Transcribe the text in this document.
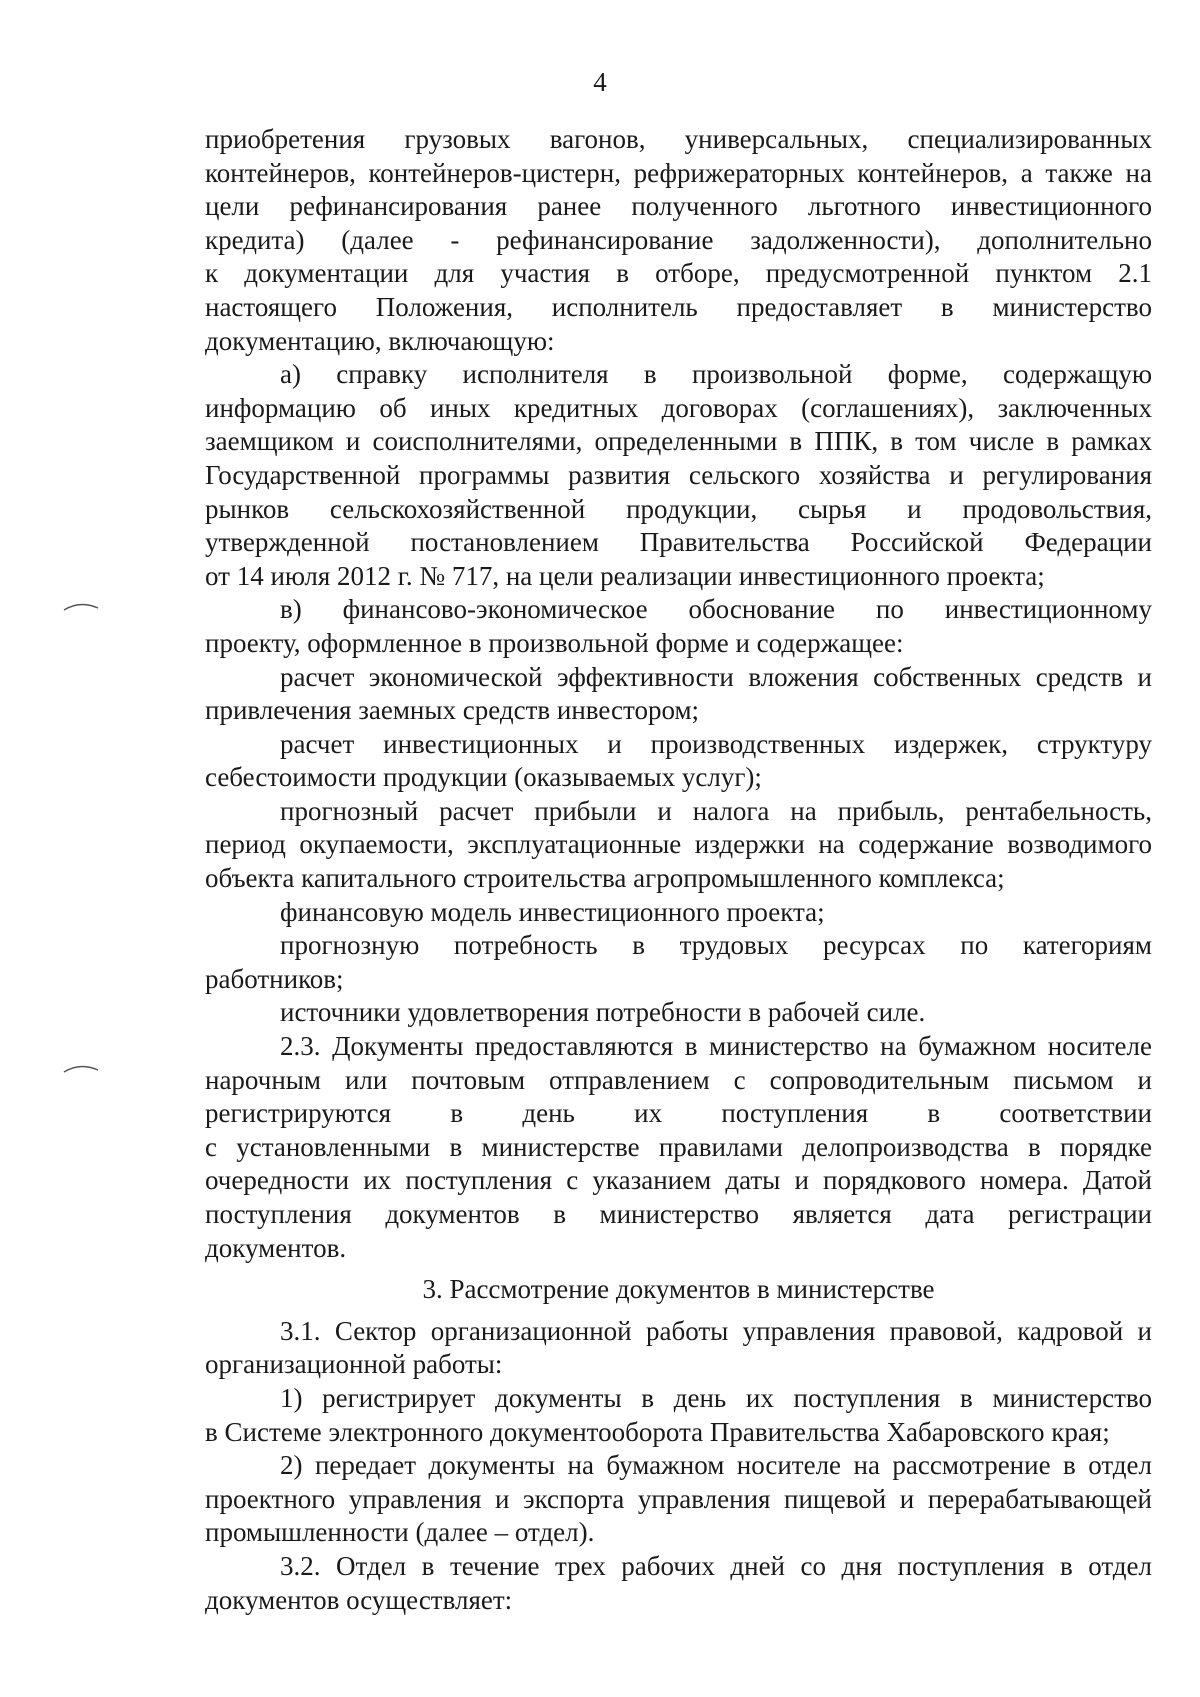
4
приобретения грузовых вагонов, универсальных, специализированных
контейнеров, контейнеров-цистерн, рефрижераторных контейнеров, а также на
цели рефинансирования ранее полученного льготного инвестиционного
кредита) (далее - рефинансирование задолженности), дополнительно
к документации для участия в отборе, предусмотренной пунктом 2.1
настоящего Положения, исполнитель предоставляет в министерство
документацию, включающую:
а) справку исполнителя в произвольной форме, содержащую
информацию об иных кредитных договорах (соглашениях), заключенных
заемщиком и соисполнителями, определенными в ППК, в том числе в рамках
Государственной программы развития сельского хозяйства и регулирования
рынков сельскохозяйственной продукции, сырья и продовольствия,
утвержденной постановлением Правительства Российской Федерации
от 14 июля 2012 г. № 717, на цели реализации инвестиционного проекта;
в) финансово-экономическое обоснование по инвестиционному
проекту, оформленное в произвольной форме и содержащее:
расчет экономической эффективности вложения собственных средств и
привлечения заемных средств инвестором;
расчет инвестиционных и производственных издержек, структуру
себестоимости продукции (оказываемых услуг);
прогнозный расчет прибыли и налога на прибыль, рентабельность,
период окупаемости, эксплуатационные издержки на содержание возводимого
объекта капитального строительства агропромышленного комплекса;
финансовую модель инвестиционного проекта;
прогнозную потребность в трудовых ресурсах по категориям
работников;
источники удовлетворения потребности в рабочей силе.
2.3. Документы предоставляются в министерство на бумажном носителе
нарочным или почтовым отправлением с сопроводительным письмом и
регистрируются в день их поступления в соответствии
с установленными в министерстве правилами делопроизводства в порядке
очередности их поступления с указанием даты и порядкового номера. Датой
поступления документов в министерство является дата регистрации
документов.
3. Рассмотрение документов в министерстве
3.1. Сектор организационной работы управления правовой, кадровой и
организационной работы:
1) регистрирует документы в день их поступления в министерство
в Системе электронного документооборота Правительства Хабаровского края;
2) передает документы на бумажном носителе на рассмотрение в отдел
проектного управления и экспорта управления пищевой и перерабатывающей
промышленности (далее – отдел).
3.2. Отдел в течение трех рабочих дней со дня поступления в отдел
документов осуществляет:
